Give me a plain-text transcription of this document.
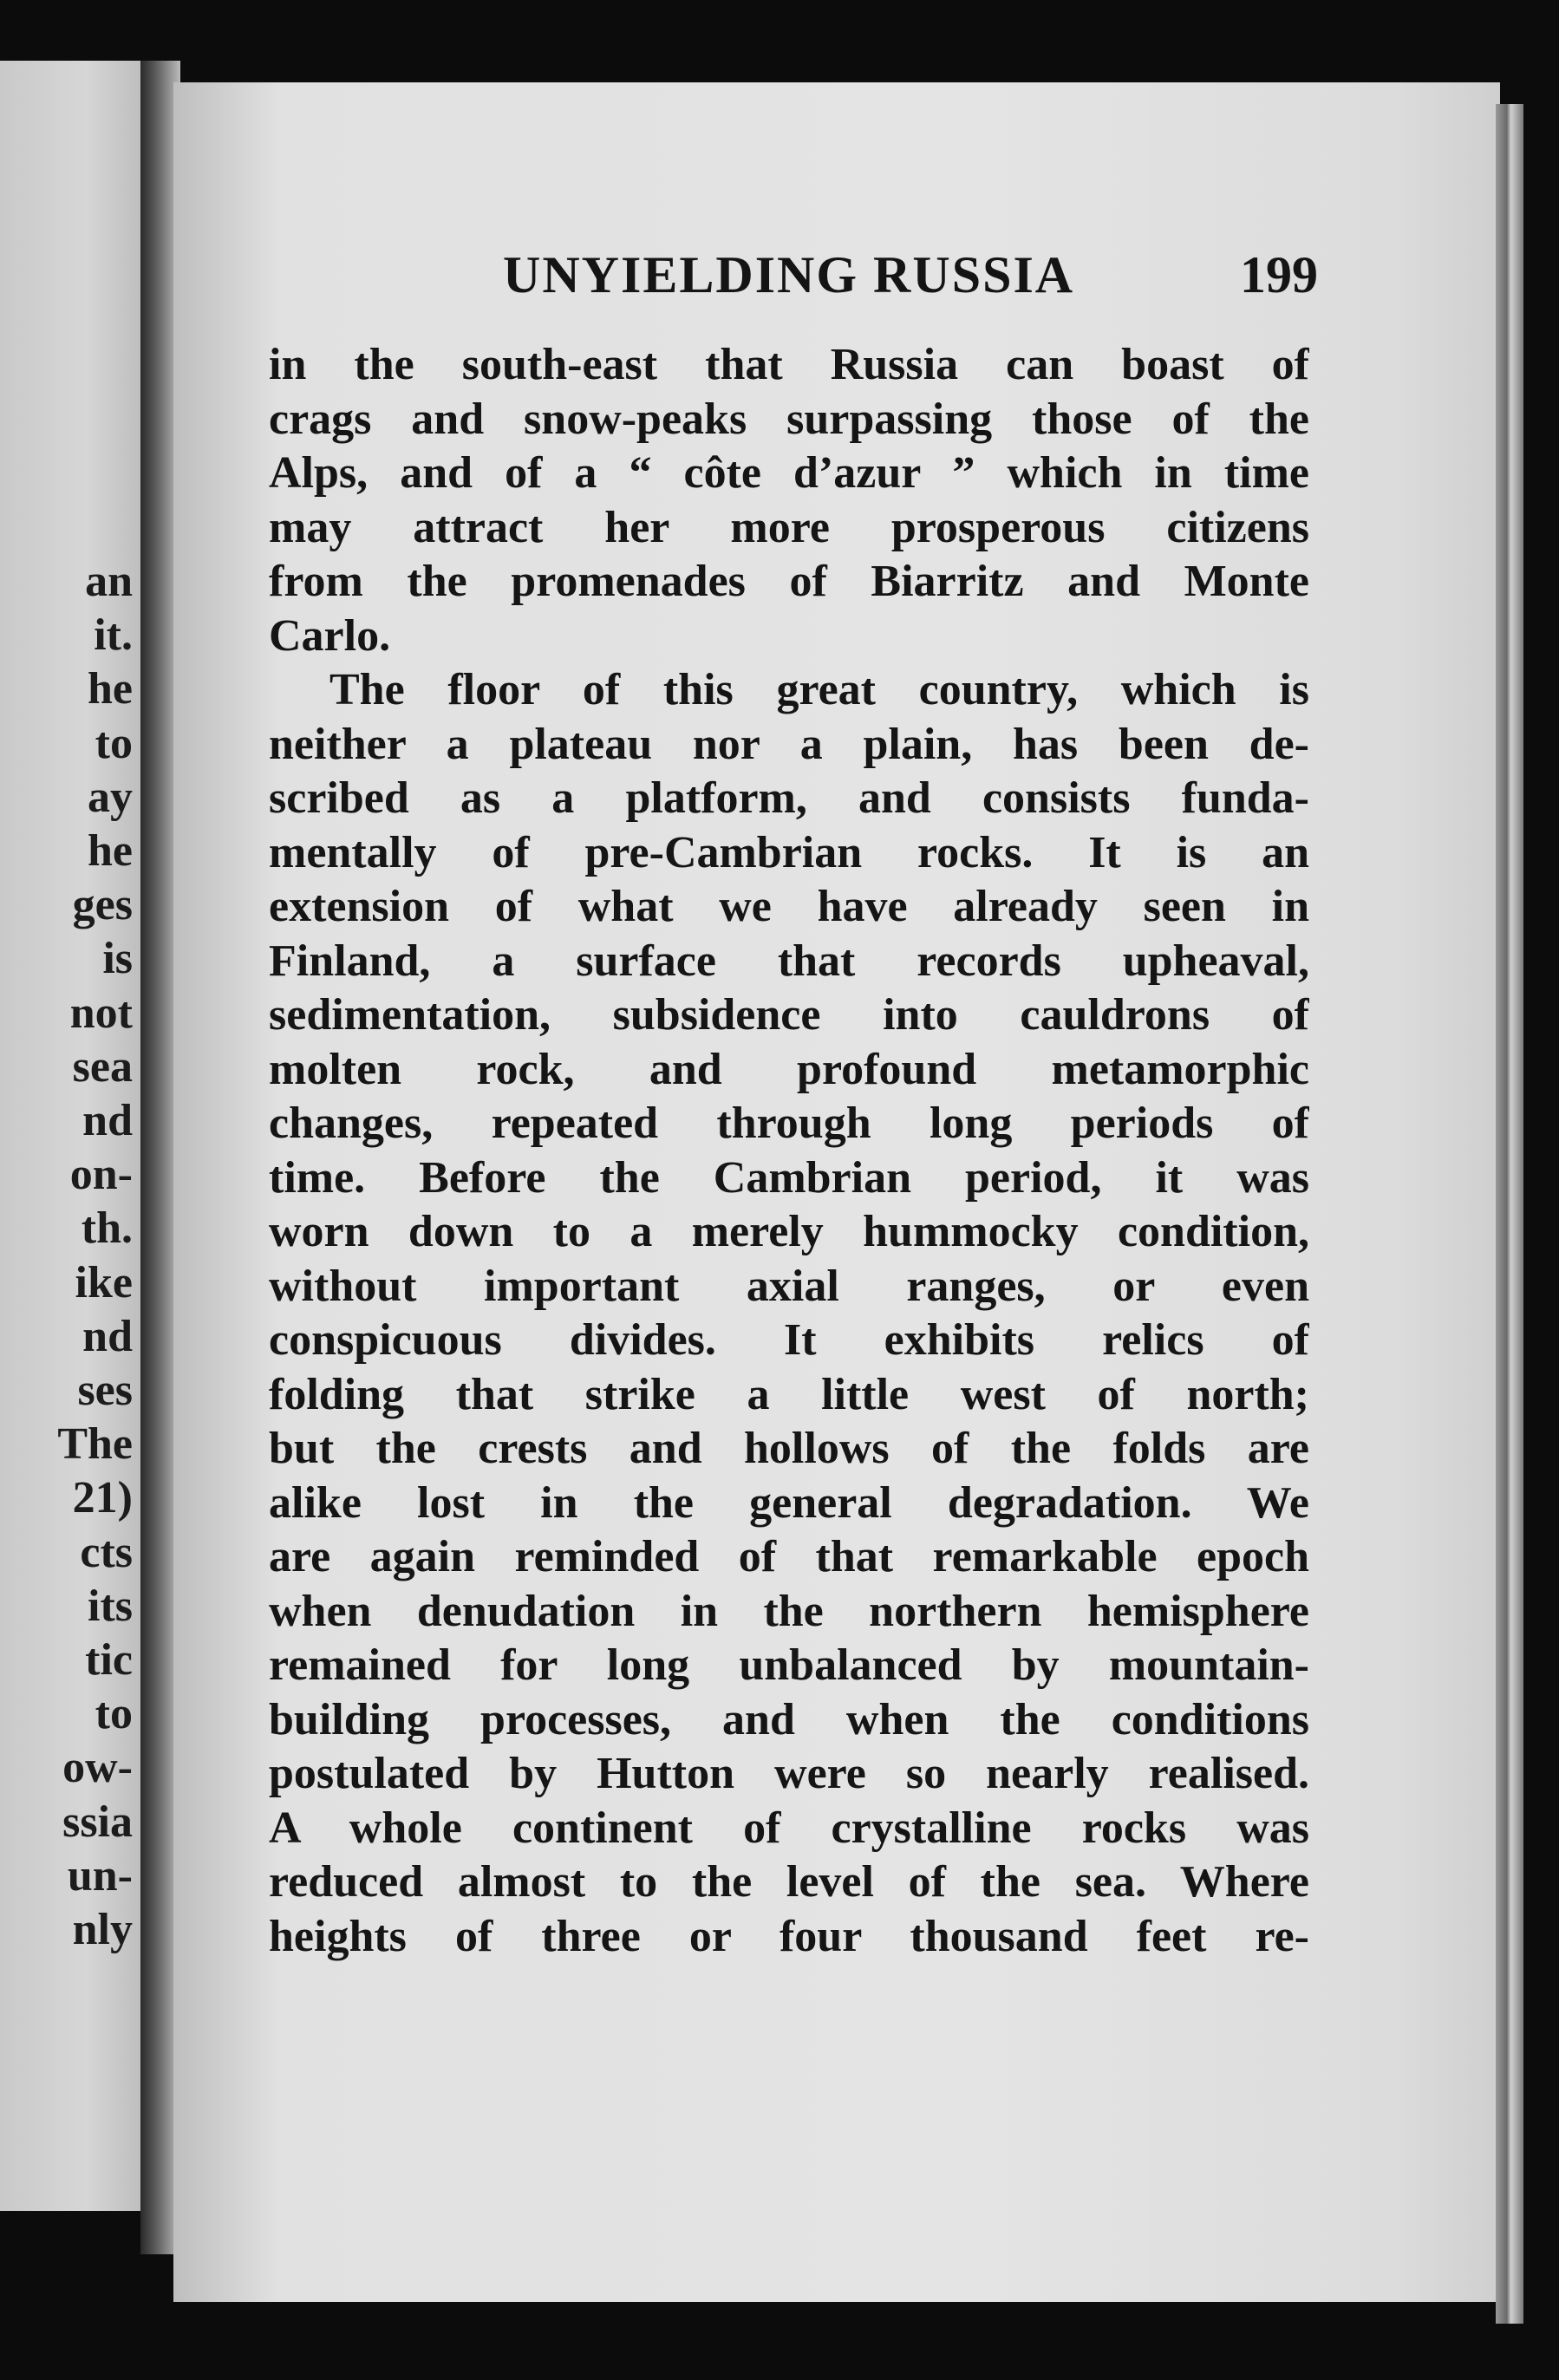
an
it.
he
to
ay
he
ges
is
not
sea
nd
on-
th.
ike
nd
ses
The
21)
cts
its
tic
to
ow-
ssia
un-
nly
UNYIELDING RUSSIA	199
in the south-east that Russia can boast of
crags and snow-peaks surpassing those of the
Alps, and of a “ côte d’azur ” which in time
may attract her more prosperous citizens
from the promenades of Biarritz and Monte
Carlo.
The floor of this great country, which is
neither a plateau nor a plain, has been de-
scribed as a platform, and consists funda-
mentally of pre-Cambrian rocks. It is an
extension of what we have already seen in
Finland, a surface that records upheaval,
sedimentation, subsidence into cauldrons of
molten rock, and profound metamorphic
changes, repeated through long periods of
time. Before the Cambrian period, it was
worn down to a merely hummocky condition,
without important axial ranges, or even
conspicuous divides. It exhibits relics of
folding that strike a little west of north;
but the crests and hollows of the folds are
alike lost in the general degradation. We
are again reminded of that remarkable epoch
when denudation in the northern hemisphere
remained for long unbalanced by mountain-
building processes, and when the conditions
postulated by Hutton were so nearly realised.
A whole continent of crystalline rocks was
reduced almost to the level of the sea. Where
heights of three or four thousand feet re-
